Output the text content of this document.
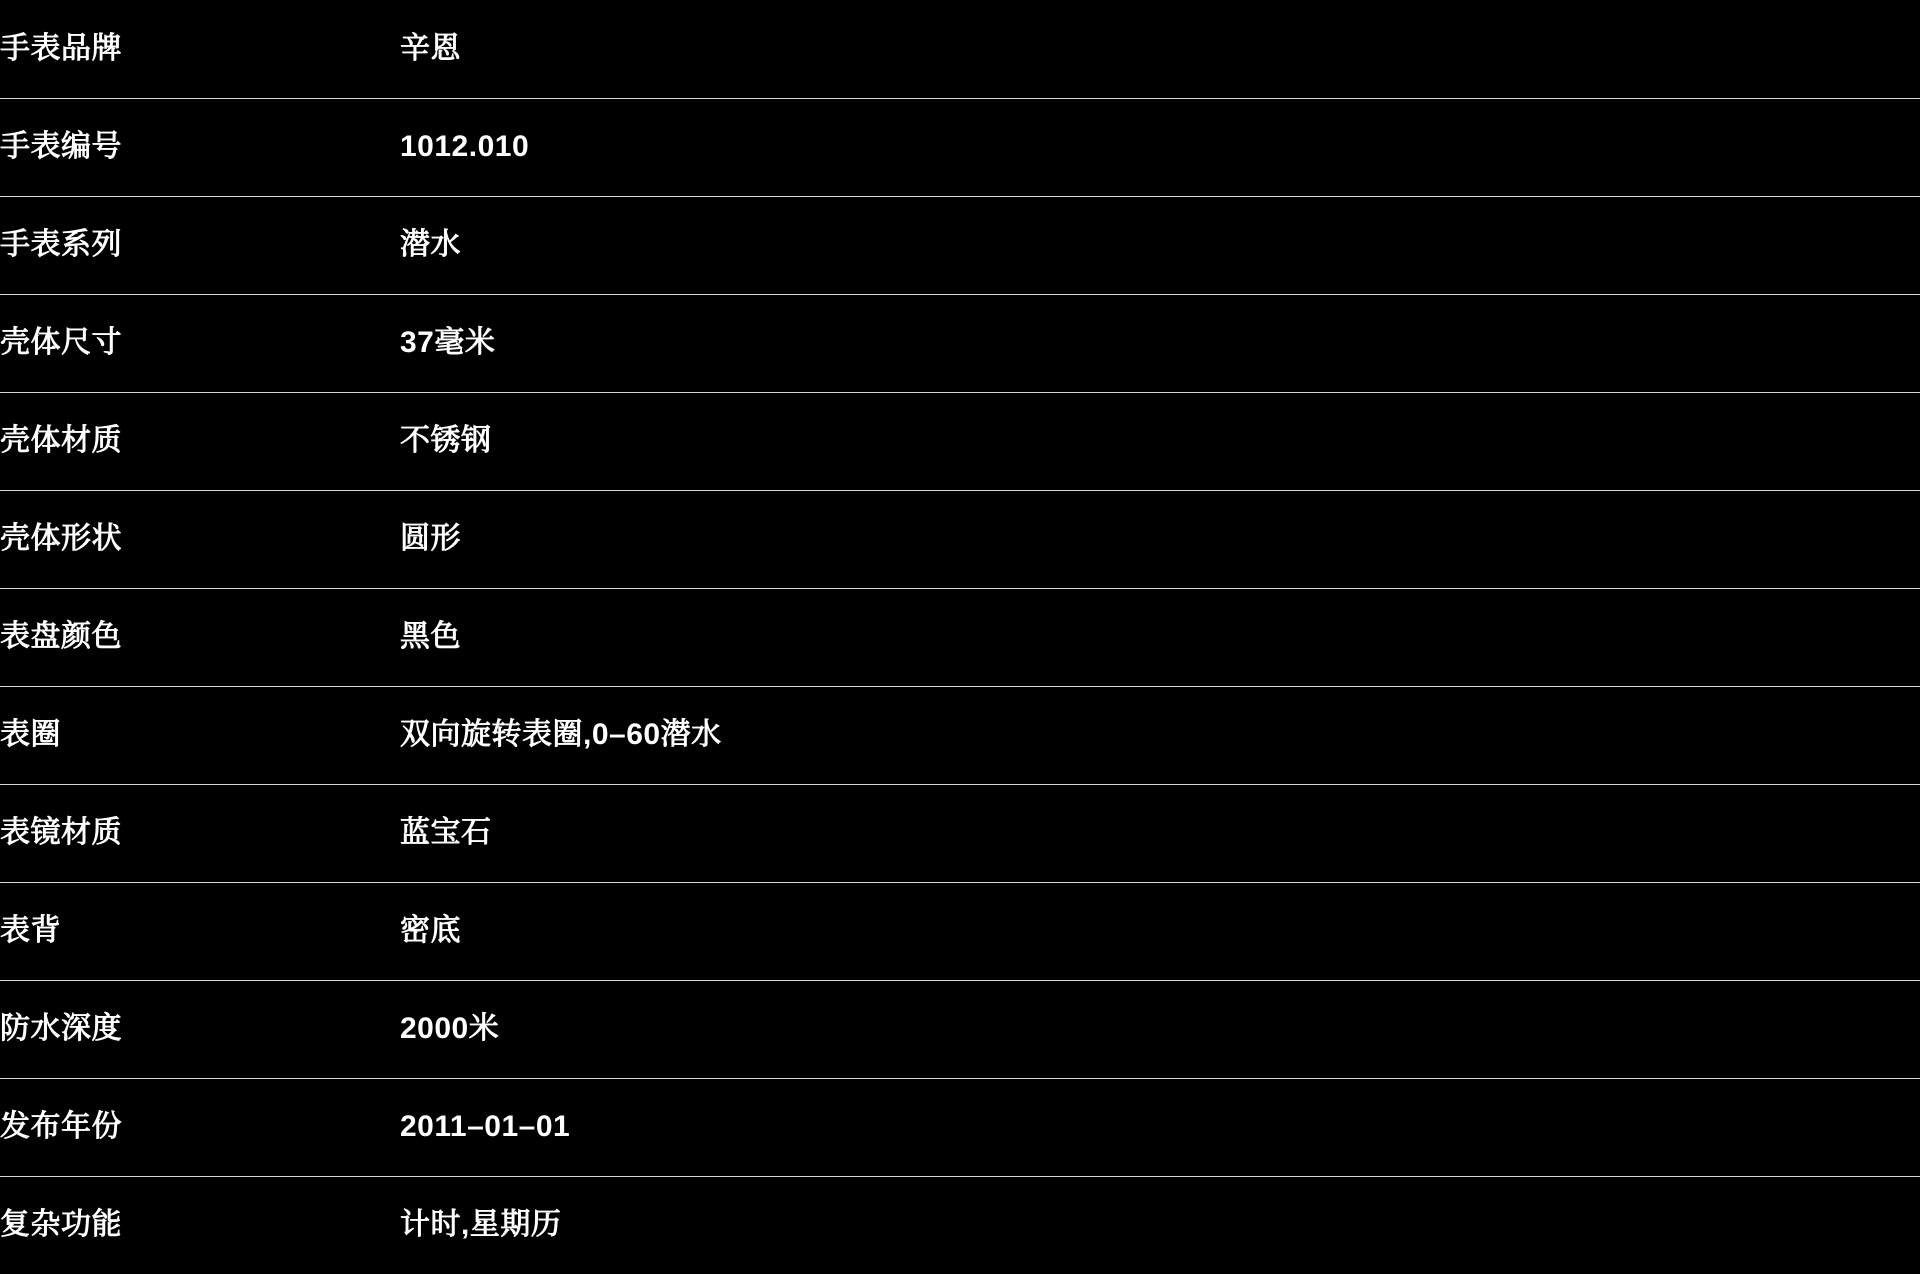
手表品牌	辛恩
手表编号	1012.010
手表系列	潜水
壳体尺寸	37毫米
壳体材质	不锈钢
壳体形状	圆形
表盘颜色	黑色
表圈	双向旋转表圈,0–60潜水
表镜材质	蓝宝石
表背	密底
防水深度	2000米
发布年份	2011–01–01
复杂功能	计时,星期历
